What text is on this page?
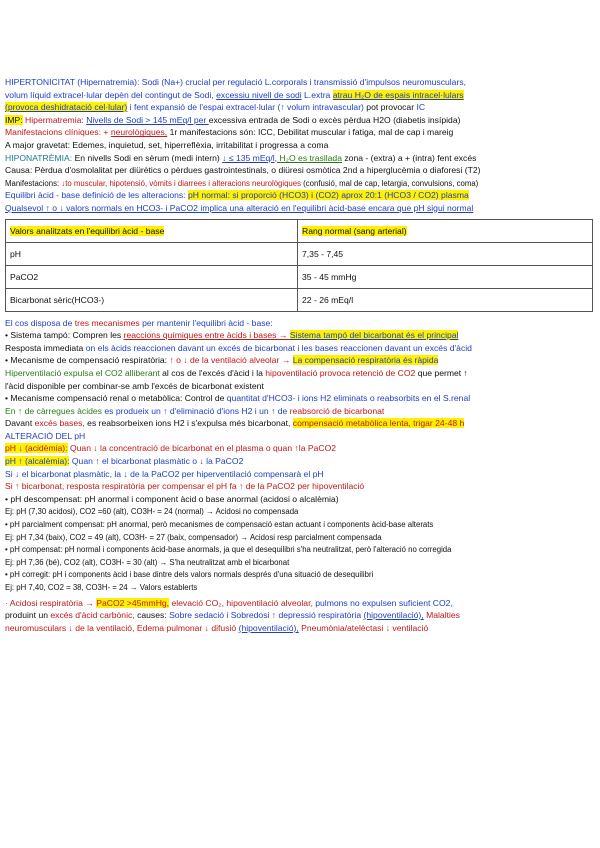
HIPERTONICITAT (Hipernatremia): Sodi (Na+) crucial per regulació L.corporals i transmissió d'impulsos neuromusculars,
volum líquid extracel·lular depèn del contingut de Sodi, excessiu nivell de sodi L.extra atrau H₂O de espais intracel·lulars
(provoca deshidratació cel·lular) i fent expansió de l'espai extracel·lular (↑ volum intravascular) pot provocar IC
IMP: Hipermatremia: Nivells de Sodi > 145 mEq/l per excessiva entrada de Sodi o excès pèrdua H2O (diabetis insípida)
Manifestacions clíniques: + neurològiques, 1r manifestacions són: ICC, Debilitat muscular i fatiga, mal de cap i mareig
A major gravetat: Edemes, inquietud, set, hiperreflèxia, irritabilitat i progressa a coma
HIPONATRÈMIA: En nivells Sodi en sèrum (medi intern) ↓ ≤ 135 mEq/l, H₂O es trasllada zona - (extra) a + (intra) fent excés
Causa: Pèrdua d'osmolalitat per diürètics o pèrdues gastrointestinals, o diüresi osmòtica 2nd a hiperglucèmia o diaforesi (T2)
Manifestacions: ↓to muscular, hipotensió, vòmits i diarrees i alteracions neurològiques (confusió, mal de cap, letargia, convulsions, coma)
Equilibri àcid - base definició de les alteracions: pH normal: si proporció (HCO3) i (CO2) aprox 20:1 (HCO3 / CO2) plasma
Qualsevol ↑ o ↓ valors normals en HCO3- i PaCO2 implica una alteració en l'equilibri àcid-base encara que pH sigui normal
Valors analitzats en l'equilibri àcid - base	Rang normal (sang arterial)
pH	7,35 - 7,45
PaCO2	35 - 45 mmHg
Bicarbonat sèric(HCO3-)	22 - 26 mEq/l
El cos disposa de tres mecanismes per mantenir l'equilibri àcid - base:
• Sistema tampó: Compren les reaccions químiques entre àcids i bases → Sistema tampó del bicarbonat és el principal
Resposta immediata on els àcids reaccionen davant un excés de bicarbonat i les bases reaccionen davant un excés d'àcid
• Mecanisme de compensació respiratòria: ↑ o ↓ de la ventilació alveolar → La compensació respiratòria és ràpida
Hiperventilació expulsa el CO2 alliberant al cos de l'excés d'àcid i la hipoventilació provoca retenció de CO2 que permet ↑
l'àcid disponible per combinar-se amb l'excés de bicarbonat existent
• Mecanisme compensació renal o metabòlica: Control de quantitat d'HCO3- i ions H2 eliminats o reabsorbits en el S.renal
En ↑ de càrregues àcides es produeix un ↑ d'eliminació d'ions H2 i un ↑ de reabsorció de bicarbonat
Davant excés bases, es reabsorbeixen ions H2 i s'expulsa més bicarbonat, compensació metabòlica lenta, trigar 24-48 h
ALTERACIÓ DEL pH
pH ↓ (acidèmia): Quan ↓ la concentració de bicarbonat en el plasma o quan ↑la PaCO2
pH ↑ (alcalèmia): Quan ↑ el bicarbonat plasmàtic o ↓ la PaCO2
Si ↓ el bicarbonat plasmàtic, la ↓ de la PaCO2 per hiperventilació compensarà el pH
Si ↑ bicarbonat, resposta respiratòria per compensar el pH fa ↑ de la PaCO2 per hipoventilació
• pH descompensat: pH anormal i component àcid o base anormal (acidosi o alcalèmia)
Ej: pH (7,30 acidosi), CO2 =60 (alt), CO3H- = 24 (normal) → Acidosi no compensada
• pH parcialment compensat: pH anormal, però mecanismes de compensació estan actuant i components àcid-base alterats
Ej: pH 7,34 (baix), CO2 = 49 (alt), CO3H- = 27 (baix, compensador) → Acidosi resp parcialment compensada
• pH compensat: pH normal i components àcid-base anormals, ja que el desequilibri s'ha neutralitzat, però l'alteració no corregida
Ej: pH 7,36 (bé), CO2 (alt), CO3H- = 30 (alt) → S'ha neutralitzat amb el bicarbonat
• pH corregit: pH i components àcid i base dintre dels valors normals després d'una situació de desequilibri
Ej: pH 7,40, CO2 = 38, CO3H- = 24 → Valors establerts
· Acidosi respiratòria → PaCO2 >45mmHg, elevació CO₂, hipoventilació alveolar, pulmons no expulsen suficient CO2,
produint un excés d'àcid carbònic, causes: Sobre sedació i Sobredosi ↑ depressió respiratòria (hipoventilació), Malalties
neuromusculars ↓ de la ventilació, Edema pulmonar ↓ difusió (hipoventilació), Pneumònia/atelèctasi ↓ ventilació
